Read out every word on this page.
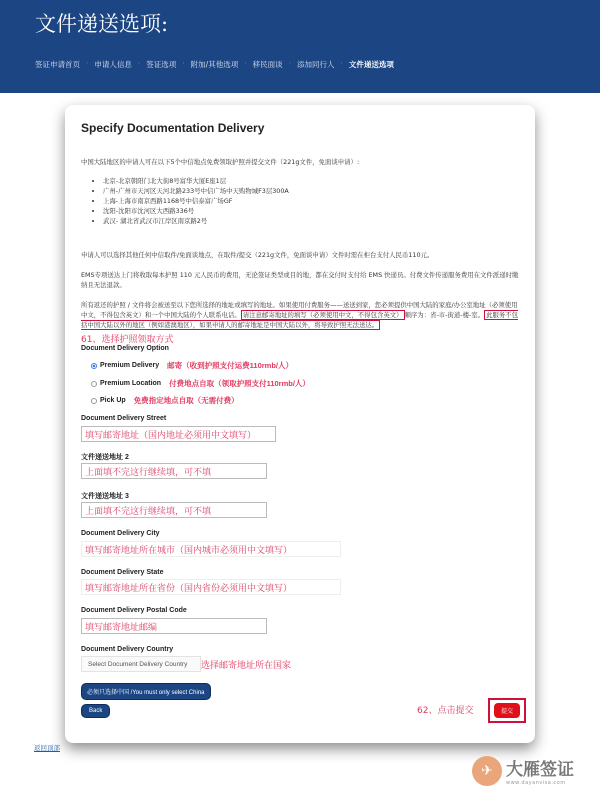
文件递送选项:
签证申请首页 · 申请人信息 · 签证选项 · 附加/其他选项 · 移民面谈 · 添加同行人 · 文件递送选项
Specify Documentation Delivery
中国大陆地区的申请人可在以下5个中信地点免费领取护照并提交文件（221g文件，免面谈申请）:
• 北京-北京朝阳门北大街8号富华大厦E座1层
• 广州-广州市天河区天河北路233号中信广场中天购物城F3层300A
• 上海-上海市南京西路1168号中信泰富广场GF
• 沈阳-沈阳市沈河区大西路336号
• 武汉- 湖北省武汉市江岸区南京路2号
申请人可以选择其他任何中信取件/免面谈地点，在取件/提交（221g文件，免面谈申请）文件时需在柜台支付人民币110元。
EMS专项送达上门将收取每本护照 110 元人民币的费用，无论签证类型或目的地，都在交付时支付给 EMS 快递员。付费文件传递服务费用在文件派递时缴纳且无法退款。
所有返还的护照 / 文件将会被送至以下您所选择的地址或填写的地址。如果使用付费服务——送送到家，您必须提供中国大陆的家庭/办公室地址（必须使用中文，不得包含英文）和一个中国大陆的个人联系电话。 请注意邮寄地址的填写（必须使用中文，不得包含英文） 顺序为：省-市-街道-楼-室。 此服务不包括中国大陆以外的地区（例如港澳地区），如果申请人的邮寄地址是中国大陆以外，将导致护照无法送达。
61、选择护照领取方式
Document Delivery Option
Premium Delivery 邮寄（收到护照支付运费110rmb/人）
Premium Location 付费地点自取（领取护照支付110rmb/人）
Pick Up 免费指定地点自取（无需付费）
Document Delivery Street
填写邮寄地址（国内地址必须用中文填写）
文件递送地址 2
上面填不完这行继续填，可不填
文件递送地址 3
上面填不完这行继续填，可不填
Document Delivery City
填写邮寄地址所在城市（国内城市必须用中文填写）
Document Delivery State
填写邮寄地址所在省份（国内省份必须用中文填写）
Document Delivery Postal Code
填写邮寄地址邮编
Document Delivery Country
Select Document Delivery Country	选择邮寄地址所在国家
必须只选择中国 /You must only select China
Back	62、点击提交	提交
返回顶部
✈ 大雁签证
www.dayanvisa.com
